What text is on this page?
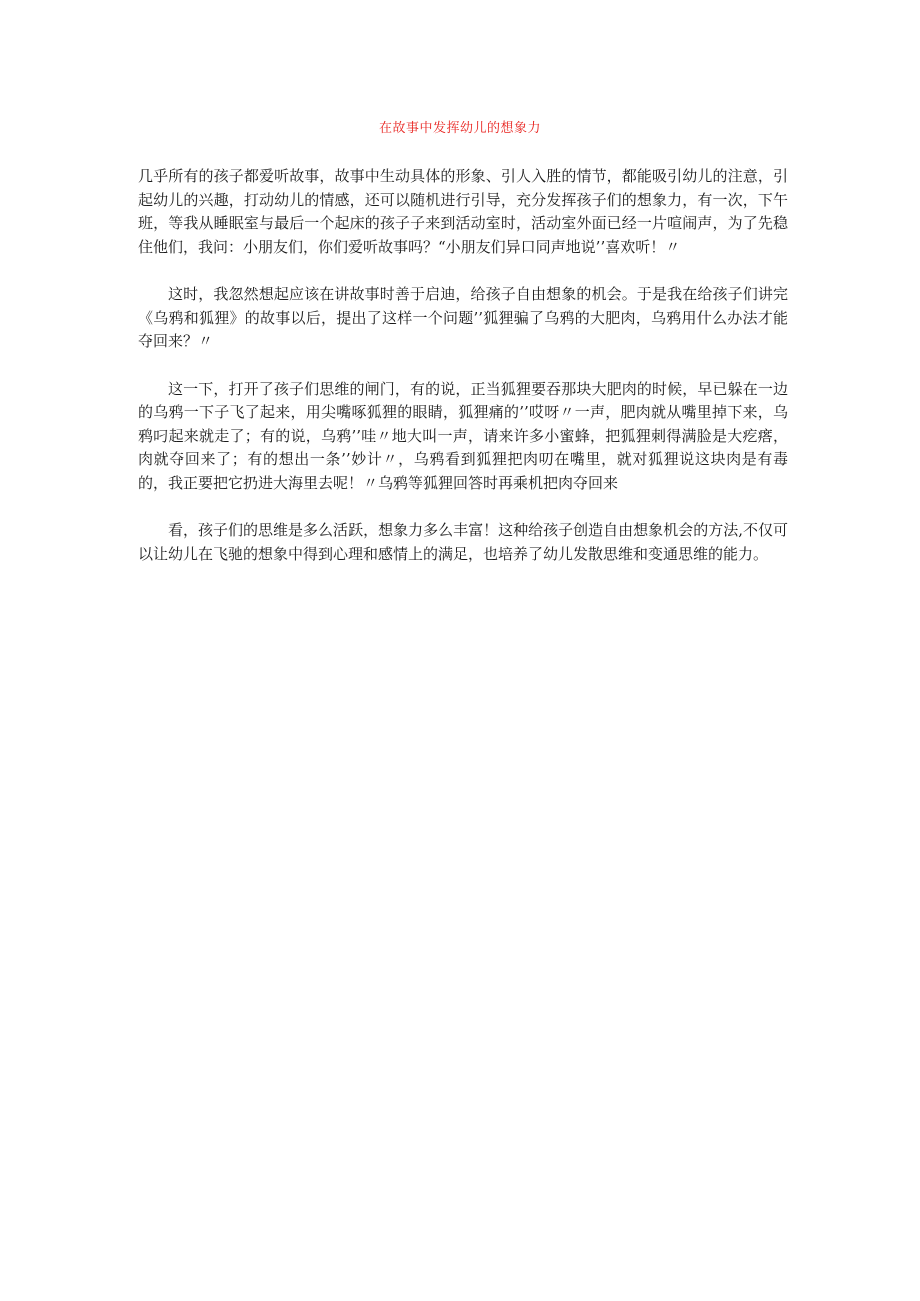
在故事中发挥幼儿的想象力

几乎所有的孩子都爱听故事，故事中生动具体的形象、引人入胜的情节，都能吸引幼儿的注意，引起幼儿的兴趣，打动幼儿的情感，还可以随机进行引导，充分发挥孩子们的想象力，有一次，下午班，等我从睡眠室与最后一个起床的孩子子来到活动室时，活动室外面已经一片喧闹声，为了先稳住他们，我问：小朋友们，你们爱听故事吗？“小朋友们异口同声地说’’喜欢听！〃

这时，我忽然想起应该在讲故事时善于启迪，给孩子自由想象的机会。于是我在给孩子们讲完《乌鸦和狐狸》的故事以后，提出了这样一个问题’’狐狸骗了乌鸦的大肥肉，乌鸦用什么办法才能夺回来？〃

这一下，打开了孩子们思维的闸门，有的说，正当狐狸要吞那块大肥肉的时候，早已躲在一边的乌鸦一下子飞了起来，用尖嘴啄狐狸的眼睛，狐狸痛的’’哎呀〃一声，肥肉就从嘴里掉下来，乌鸦叼起来就走了；有的说，乌鸦’’哇〃地大叫一声，请来许多小蜜蜂，把狐狸刺得满脸是大疙瘩，肉就夺回来了；有的想出一条’’妙计〃，乌鸦看到狐狸把肉叨在嘴里，就对狐狸说这块肉是有毒的，我正要把它扔进大海里去呢！〃乌鸦等狐狸回答时再乘机把肉夺回来

看，孩子们的思维是多么活跃，想象力多么丰富！这种给孩子创造自由想象机会的方法,不仅可以让幼儿在飞驰的想象中得到心理和感情上的满足，也培养了幼儿发散思维和变通思维的能力。
